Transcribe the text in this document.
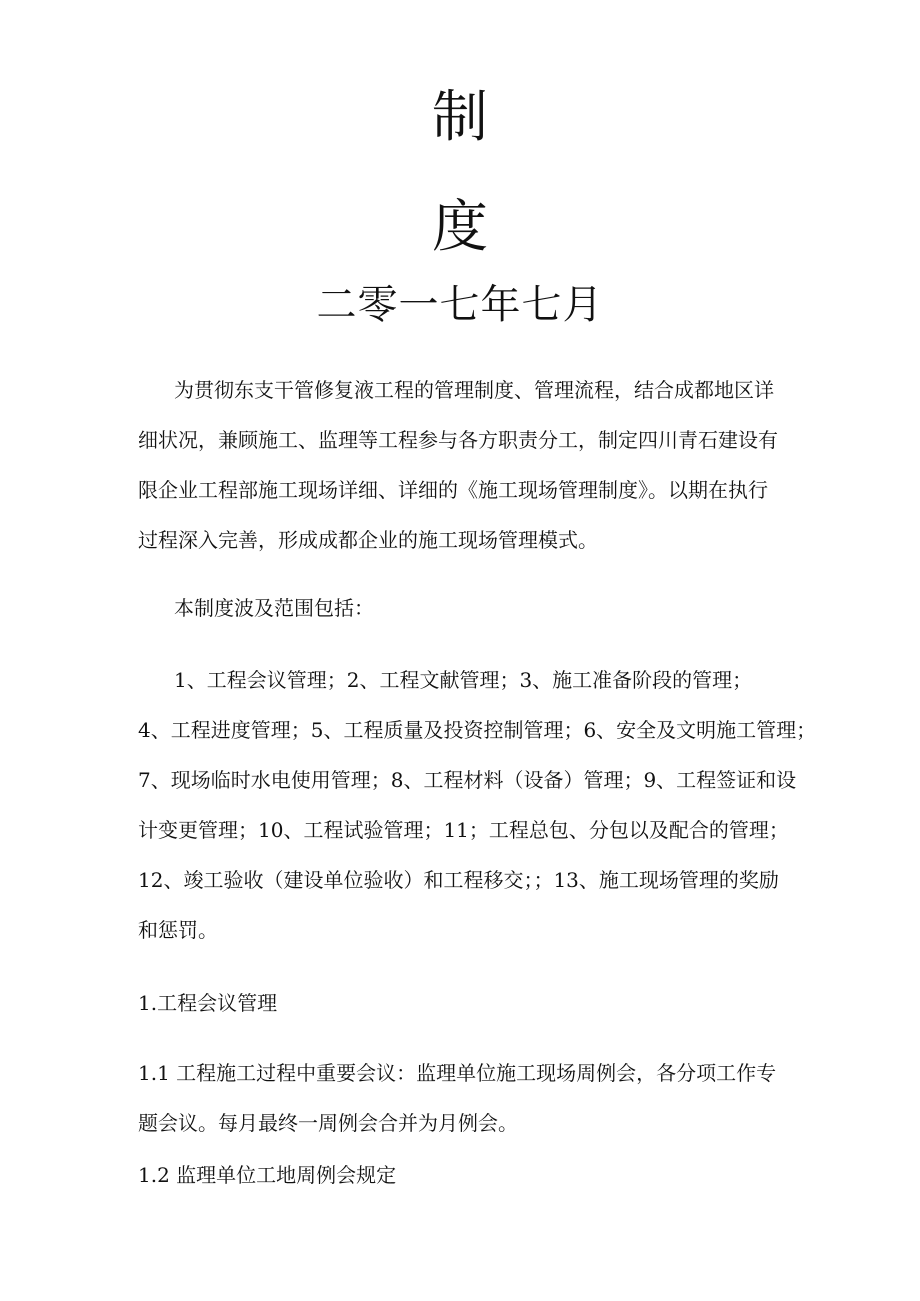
制
度
二零一七年七月
为贯彻东支干管修复液工程的管理制度、管理流程，结合成都地区详
细状况，兼顾施工、监理等工程参与各方职责分工，制定四川青石建设有
限企业工程部施工现场详细、详细的《施工现场管理制度》。以期在执行
过程深入完善，形成成都企业的施工现场管理模式。
本制度波及范围包括：
1、工程会议管理；2、工程文献管理；3、施工准备阶段的管理；
4、工程进度管理；5、工程质量及投资控制管理；6、安全及文明施工管理；
7、现场临时水电使用管理；8、工程材料（设备）管理；9、工程签证和设
计变更管理；10、工程试验管理；11；工程总包、分包以及配合的管理；
12、竣工验收（建设单位验收）和工程移交；；13、施工现场管理的奖励
和惩罚。
1.工程会议管理
1.1 工程施工过程中重要会议：监理单位施工现场周例会，各分项工作专
题会议。每月最终一周例会合并为月例会。
1.2 监理单位工地周例会规定
